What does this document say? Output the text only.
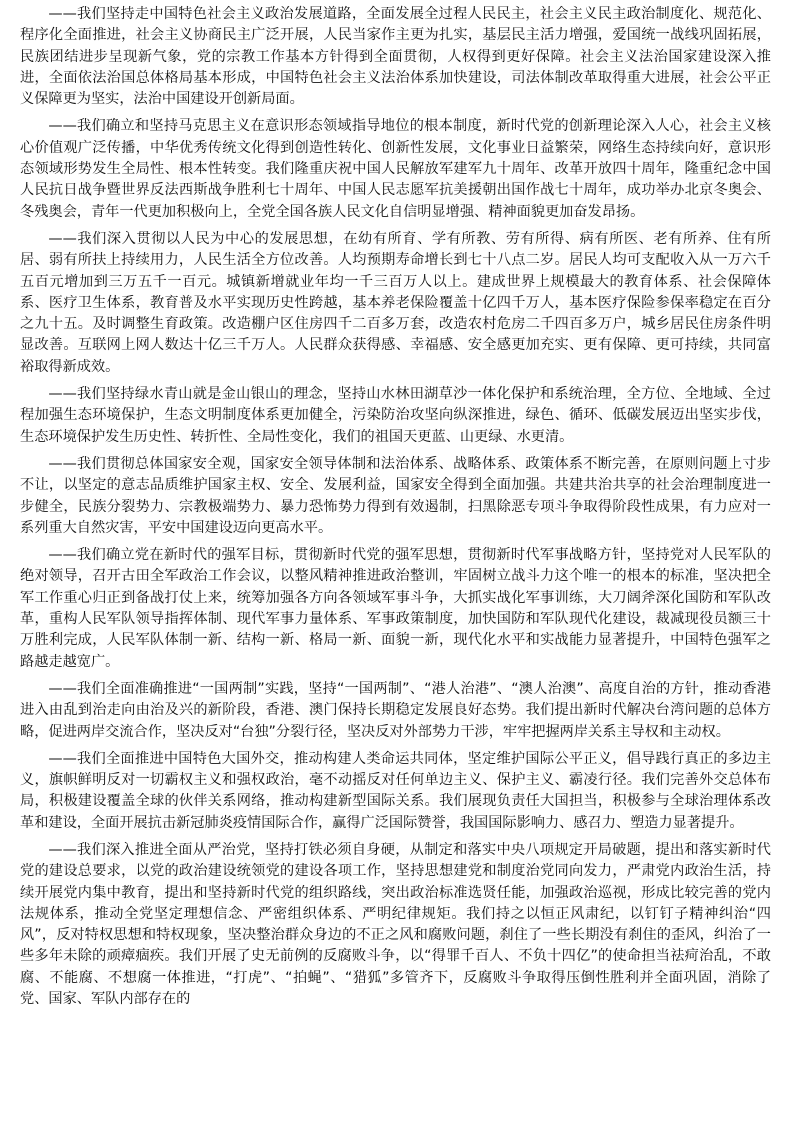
——我们坚持走中国特色社会主义政治发展道路，全面发展全过程人民民主，社会主义民主政治制度化、规范化、程序化全面推进，社会主义协商民主广泛开展，人民当家作主更为扎实，基层民主活力增强，爱国统一战线巩固拓展，民族团结进步呈现新气象，党的宗教工作基本方针得到全面贯彻，人权得到更好保障。社会主义法治国家建设深入推进，全面依法治国总体格局基本形成，中国特色社会主义法治体系加快建设，司法体制改革取得重大进展，社会公平正义保障更为坚实，法治中国建设开创新局面。

——我们确立和坚持马克思主义在意识形态领域指导地位的根本制度，新时代党的创新理论深入人心，社会主义核心价值观广泛传播，中华优秀传统文化得到创造性转化、创新性发展，文化事业日益繁荣，网络生态持续向好，意识形态领域形势发生全局性、根本性转变。我们隆重庆祝中国人民解放军建军九十周年、改革开放四十周年，隆重纪念中国人民抗日战争暨世界反法西斯战争胜利七十周年、中国人民志愿军抗美援朝出国作战七十周年，成功举办北京冬奥会、冬残奥会，青年一代更加积极向上，全党全国各族人民文化自信明显增强、精神面貌更加奋发昂扬。

——我们深入贯彻以人民为中心的发展思想，在幼有所育、学有所教、劳有所得、病有所医、老有所养、住有所居、弱有所扶上持续用力，人民生活全方位改善。人均预期寿命增长到七十八点二岁。居民人均可支配收入从一万六千五百元增加到三万五千一百元。城镇新增就业年均一千三百万人以上。建成世界上规模最大的教育体系、社会保障体系、医疗卫生体系，教育普及水平实现历史性跨越，基本养老保险覆盖十亿四千万人，基本医疗保险参保率稳定在百分之九十五。及时调整生育政策。改造棚户区住房四千二百多万套，改造农村危房二千四百多万户，城乡居民住房条件明显改善。互联网上网人数达十亿三千万人。人民群众获得感、幸福感、安全感更加充实、更有保障、更可持续，共同富裕取得新成效。

——我们坚持绿水青山就是金山银山的理念，坚持山水林田湖草沙一体化保护和系统治理，全方位、全地域、全过程加强生态环境保护，生态文明制度体系更加健全，污染防治攻坚向纵深推进，绿色、循环、低碳发展迈出坚实步伐，生态环境保护发生历史性、转折性、全局性变化，我们的祖国天更蓝、山更绿、水更清。

——我们贯彻总体国家安全观，国家安全领导体制和法治体系、战略体系、政策体系不断完善，在原则问题上寸步不让，以坚定的意志品质维护国家主权、安全、发展利益，国家安全得到全面加强。共建共治共享的社会治理制度进一步健全，民族分裂势力、宗教极端势力、暴力恐怖势力得到有效遏制，扫黑除恶专项斗争取得阶段性成果，有力应对一系列重大自然灾害，平安中国建设迈向更高水平。

——我们确立党在新时代的强军目标，贯彻新时代党的强军思想，贯彻新时代军事战略方针，坚持党对人民军队的绝对领导，召开古田全军政治工作会议，以整风精神推进政治整训，牢固树立战斗力这个唯一的根本的标准，坚决把全军工作重心归正到备战打仗上来，统筹加强各方向各领域军事斗争，大抓实战化军事训练，大刀阔斧深化国防和军队改革，重构人民军队领导指挥体制、现代军事力量体系、军事政策制度，加快国防和军队现代化建设，裁减现役员额三十万胜利完成，人民军队体制一新、结构一新、格局一新、面貌一新，现代化水平和实战能力显著提升，中国特色强军之路越走越宽广。

——我们全面准确推进“一国两制”实践，坚持“一国两制”、“港人治港”、“澳人治澳”、高度自治的方针，推动香港进入由乱到治走向由治及兴的新阶段，香港、澳门保持长期稳定发展良好态势。我们提出新时代解决台湾问题的总体方略，促进两岸交流合作，坚决反对“台独”分裂行径，坚决反对外部势力干涉，牢牢把握两岸关系主导权和主动权。

——我们全面推进中国特色大国外交，推动构建人类命运共同体，坚定维护国际公平正义，倡导践行真正的多边主义，旗帜鲜明反对一切霸权主义和强权政治，毫不动摇反对任何单边主义、保护主义、霸凌行径。我们完善外交总体布局，积极建设覆盖全球的伙伴关系网络，推动构建新型国际关系。我们展现负责任大国担当，积极参与全球治理体系改革和建设，全面开展抗击新冠肺炎疫情国际合作，赢得广泛国际赞誉，我国国际影响力、感召力、塑造力显著提升。

——我们深入推进全面从严治党，坚持打铁必须自身硬，从制定和落实中央八项规定开局破题，提出和落实新时代党的建设总要求，以党的政治建设统领党的建设各项工作，坚持思想建党和制度治党同向发力，严肃党内政治生活，持续开展党内集中教育，提出和坚持新时代党的组织路线，突出政治标准选贤任能，加强政治巡视，形成比较完善的党内法规体系，推动全党坚定理想信念、严密组织体系、严明纪律规矩。我们持之以恒正风肃纪，以钉钉子精神纠治“四风”，反对特权思想和特权现象，坚决整治群众身边的不正之风和腐败问题，刹住了一些长期没有刹住的歪风，纠治了一些多年未除的顽瘴痼疾。我们开展了史无前例的反腐败斗争，以“得罪千百人、不负十四亿”的使命担当祛疴治乱，不敢腐、不能腐、不想腐一体推进，“打虎”、“拍蝇”、“猎狐”多管齐下，反腐败斗争取得压倒性胜利并全面巩固，消除了党、国家、军队内部存在的
